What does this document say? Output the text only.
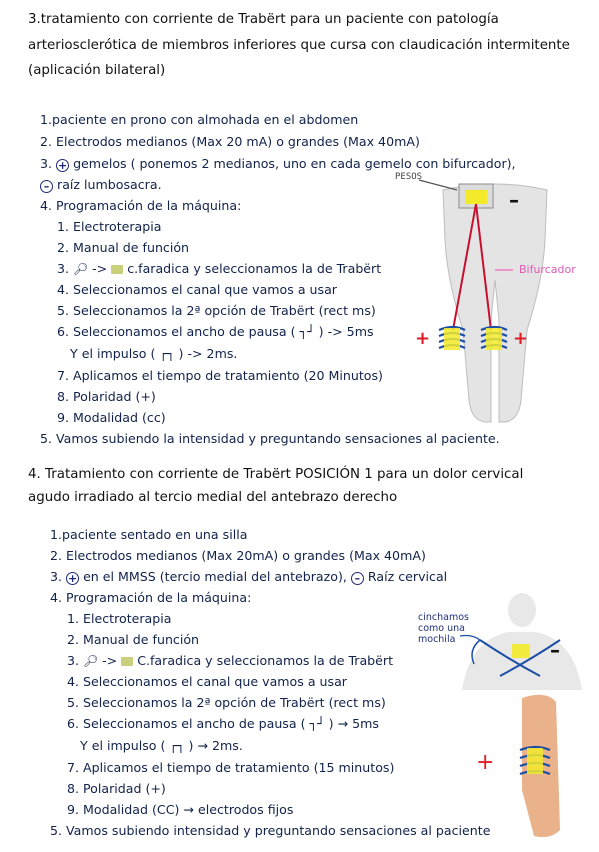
3.tratamiento con corriente de Trabërt para un paciente con patología
arteriosclerótica de miembros inferiores que cursa con claudicación intermitente
(aplicación bilateral)
1.paciente en prono con almohada en el abdomen
2. Electrodos medianos (Max 20 mA) o grandes (Max 40mA)
3. + gemelos ( ponemos 2 medianos, uno en cada gemelo con bifurcador),
– raíz lumbosacra.
4. Programación de la máquina:
1. Electroterapia
2. Manual de función
3. 🔎︎ -> c.faradica y seleccionamos la de Trabërt
4. Seleccionamos el canal que vamos a usar
5. Seleccionamos la 2ª opción de Trabërt (rect ms)
6. Seleccionamos el ancho de pausa ( ┐┘ ) -> 5ms
Y el impulso ( ┌┐ ) -> 2ms.
7. Aplicamos el tiempo de tratamiento (20 Minutos)
8. Polaridad (+)
9. Modalidad (cc)
5. Vamos subiendo la intensidad y preguntando sensaciones al paciente.
PESOS
Bifurcador
+	+
–
4. Tratamiento con corriente de Trabërt POSICIÓN 1 para un dolor cervical
agudo irradiado al tercio medial del antebrazo derecho
1.paciente sentado en una silla
2. Electrodos medianos (Max 20mA) o grandes (Max 40mA)
3. + en el MMSS (tercio medial del antebrazo), – Raíz cervical
4. Programación de la máquina:
1. Electroterapia
2. Manual de función
3. 🔎︎ -> C.faradica y seleccionamos la de Trabërt
4. Seleccionamos el canal que vamos a usar
5. Seleccionamos la 2ª opción de Trabërt (rect ms)
6. Seleccionamos el ancho de pausa ( ┐┘ ) → 5ms
Y el impulso ( ┌┐ ) → 2ms.
7. Aplicamos el tiempo de tratamiento (15 minutos)
8. Polaridad (+)
9. Modalidad (CC) → electrodos fijos
5. Vamos subiendo intensidad y preguntando sensaciones al paciente
cinchamos
como una
mochila	–
+
